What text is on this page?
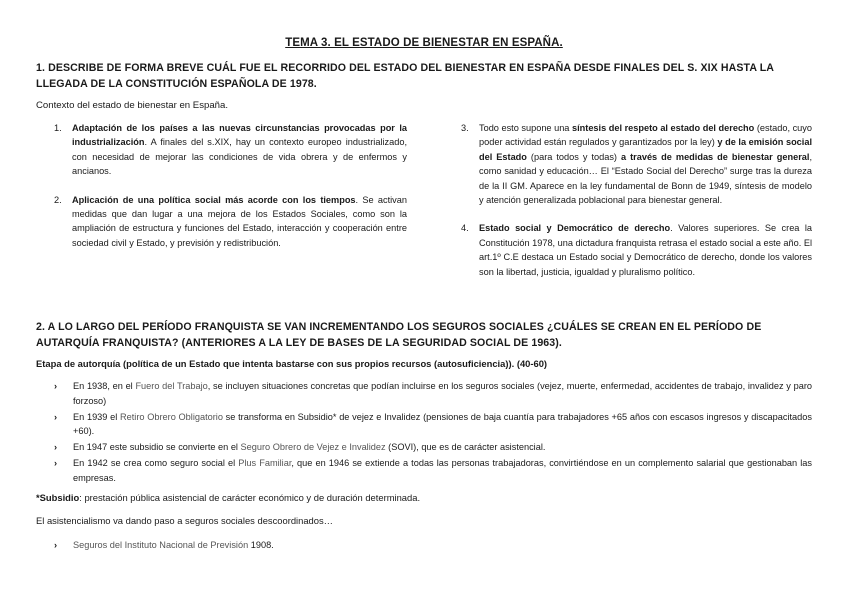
TEMA 3. EL ESTADO DE BIENESTAR EN ESPAÑA.
1. DESCRIBE DE FORMA BREVE CUÁL FUE EL RECORRIDO DEL ESTADO DEL BIENESTAR EN ESPAÑA DESDE FINALES DEL S. XIX HASTA LA LLEGADA DE LA CONSTITUCIÓN ESPAÑOLA DE 1978.
Contexto del estado de bienestar en España.
1. Adaptación de los países a las nuevas circunstancias provocadas por la industrialización. A finales del s.XIX, hay un contexto europeo industrializado, con necesidad de mejorar las condiciones de vida obrera y de enfermos y ancianos.
2. Aplicación de una política social más acorde con los tiempos. Se activan medidas que dan lugar a una mejora de los Estados Sociales, como son la ampliación de estructura y funciones del Estado, interacción y cooperación entre sociedad civil y Estado, y previsión y redistribución.
3. Todo esto supone una síntesis del respeto al estado del derecho (estado, cuyo poder actividad están regulados y garantizados por la ley) y de la emisión social del Estado (para todos y todas) a través de medidas de bienestar general, como sanidad y educación… El “Estado Social del Derecho” surge tras la dureza de la II GM. Aparece en la ley fundamental de Bonn de 1949, síntesis de modelo y atención generalizada poblacional para bienestar general.
4. Estado social y Democrático de derecho. Valores superiores. Se crea la Constitución 1978, una dictadura franquista retrasa el estado social a este año. El art.1º C.E destaca un Estado social y Democrático de derecho, donde los valores son la libertad, justicia, igualdad y pluralismo político.
2. A LO LARGO DEL PERÍODO FRANQUISTA SE VAN INCREMENTANDO LOS SEGUROS SOCIALES ¿CUÁLES SE CREAN EN EL PERÍODO DE AUTARQUÍA FRANQUISTA? (ANTERIORES A LA LEY DE BASES DE LA SEGURIDAD SOCIAL DE 1963).
Etapa de autorquía (política de un Estado que intenta bastarse con sus propios recursos (autosuficiencia)). (40-60)
› En 1938, en el Fuero del Trabajo, se incluyen situaciones concretas que podían incluirse en los seguros sociales (vejez, muerte, enfermedad, accidentes de trabajo, invalidez y paro forzoso)
› En 1939 el Retiro Obrero Obligatorio se transforma en Subsidio* de vejez e Invalidez (pensiones de baja cuantía para trabajadores +65 años con escasos ingresos y discapacitados +60).
› En 1947 este subsidio se convierte en el Seguro Obrero de Vejez e Invalidez (SOVI), que es de carácter asistencial.
› En 1942 se crea como seguro social el Plus Familiar, que en 1946 se extiende a todas las personas trabajadoras, convirtiéndose en un complemento salarial que gestionaban las empresas.
*Subsidio: prestación pública asistencial de carácter económico y de duración determinada.
El asistencialismo va dando paso a seguros sociales descoordinados…
› Seguros del Instituto Nacional de Previsión 1908.
